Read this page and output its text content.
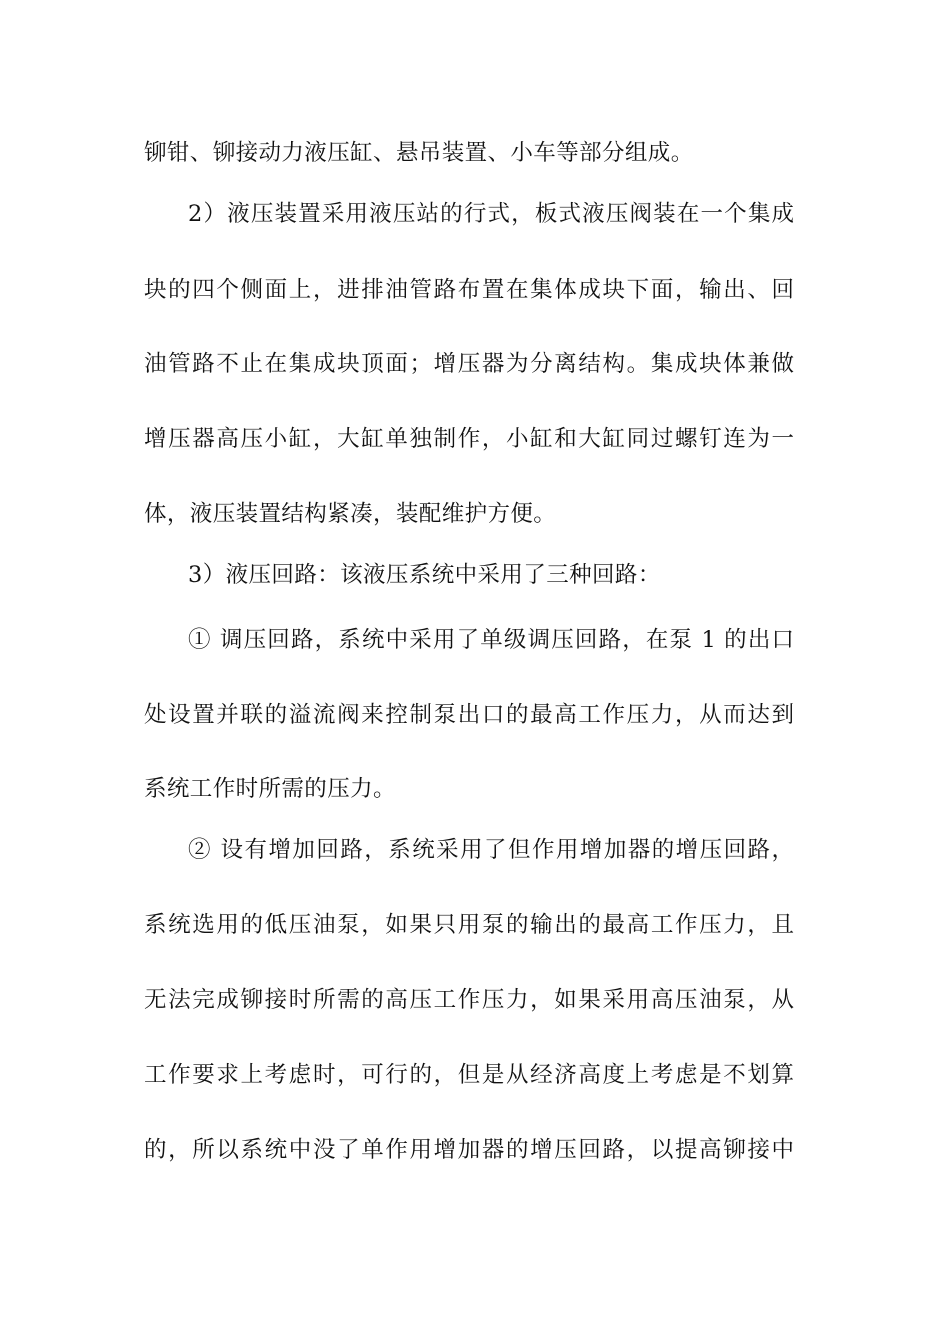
铆钳、铆接动力液压缸、悬吊装置、小车等部分组成。
2）液压装置采用液压站的行式，板式液压阀装在一个集成
块的四个侧面上，进排油管路布置在集体成块下面，输出、回
油管路不止在集成块顶面；增压器为分离结构。集成块体兼做
增压器高压小缸，大缸单独制作，小缸和大缸同过螺钉连为一
体，液压装置结构紧凑，装配维护方便。
3）液压回路：该液压系统中采用了三种回路：
① 调压回路，系统中采用了单级调压回路，在泵 1 的出口
处设置并联的溢流阀来控制泵出口的最高工作压力，从而达到
系统工作时所需的压力。
② 设有增加回路，系统采用了但作用增加器的增压回路，
系统选用的低压油泵，如果只用泵的输出的最高工作压力，且
无法完成铆接时所需的高压工作压力，如果采用高压油泵，从
工作要求上考虑时，可行的，但是从经济高度上考虑是不划算
的，所以系统中没了单作用增加器的增压回路，以提高铆接中
